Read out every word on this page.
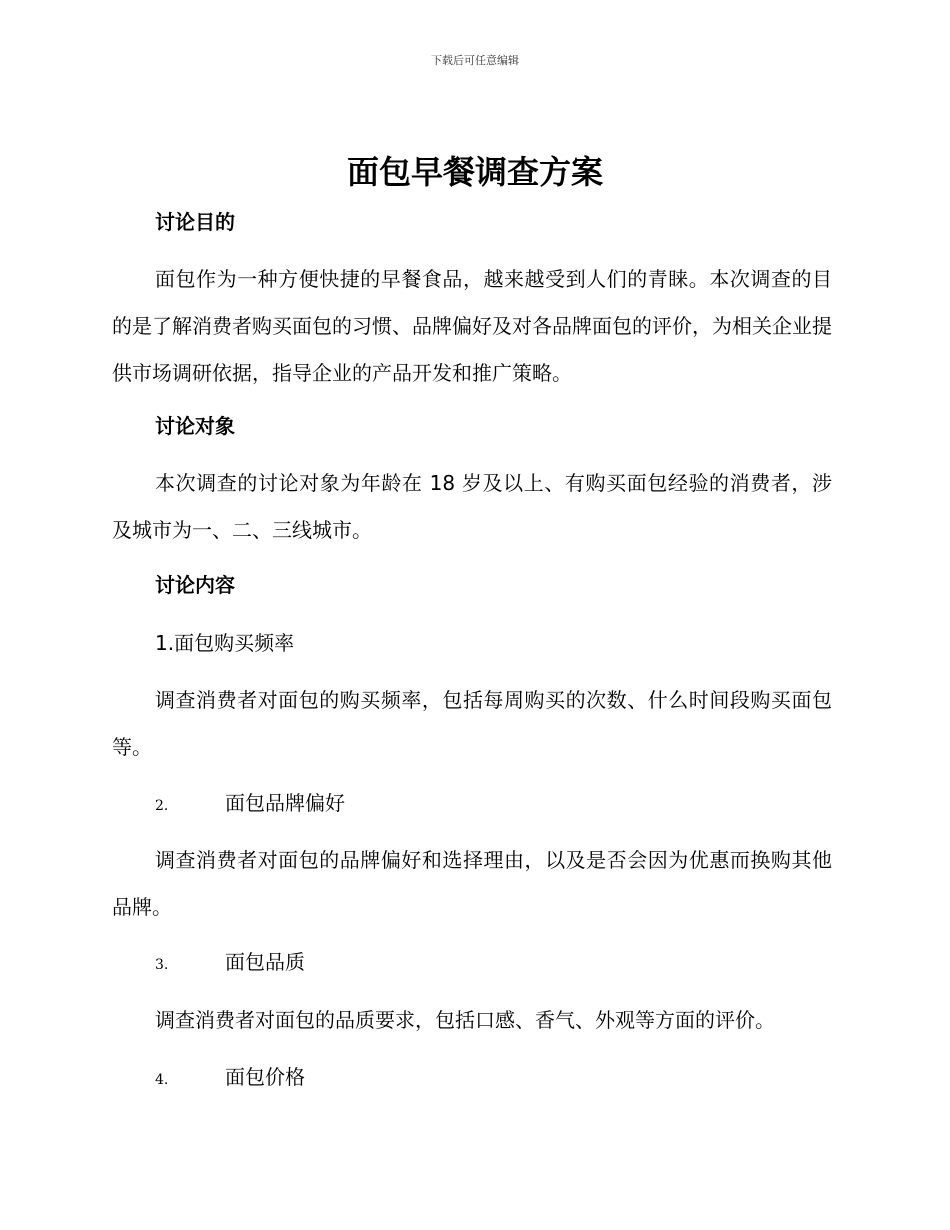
下载后可任意编辑
面包早餐调查方案
讨论目的
面包作为一种方便快捷的早餐食品，越来越受到人们的青睐。本次调查的目的是了解消费者购买面包的习惯、品牌偏好及对各品牌面包的评价，为相关企业提供市场调研依据，指导企业的产品开发和推广策略。
讨论对象
本次调查的讨论对象为年龄在 18 岁及以上、有购买面包经验的消费者，涉及城市为一、二、三线城市。
讨论内容
1.面包购买频率
调查消费者对面包的购买频率，包括每周购买的次数、什么时间段购买面包等。
2.	面包品牌偏好
调查消费者对面包的品牌偏好和选择理由，以及是否会因为优惠而换购其他品牌。
3.	面包品质
调查消费者对面包的品质要求，包括口感、香气、外观等方面的评价。
4.	面包价格
